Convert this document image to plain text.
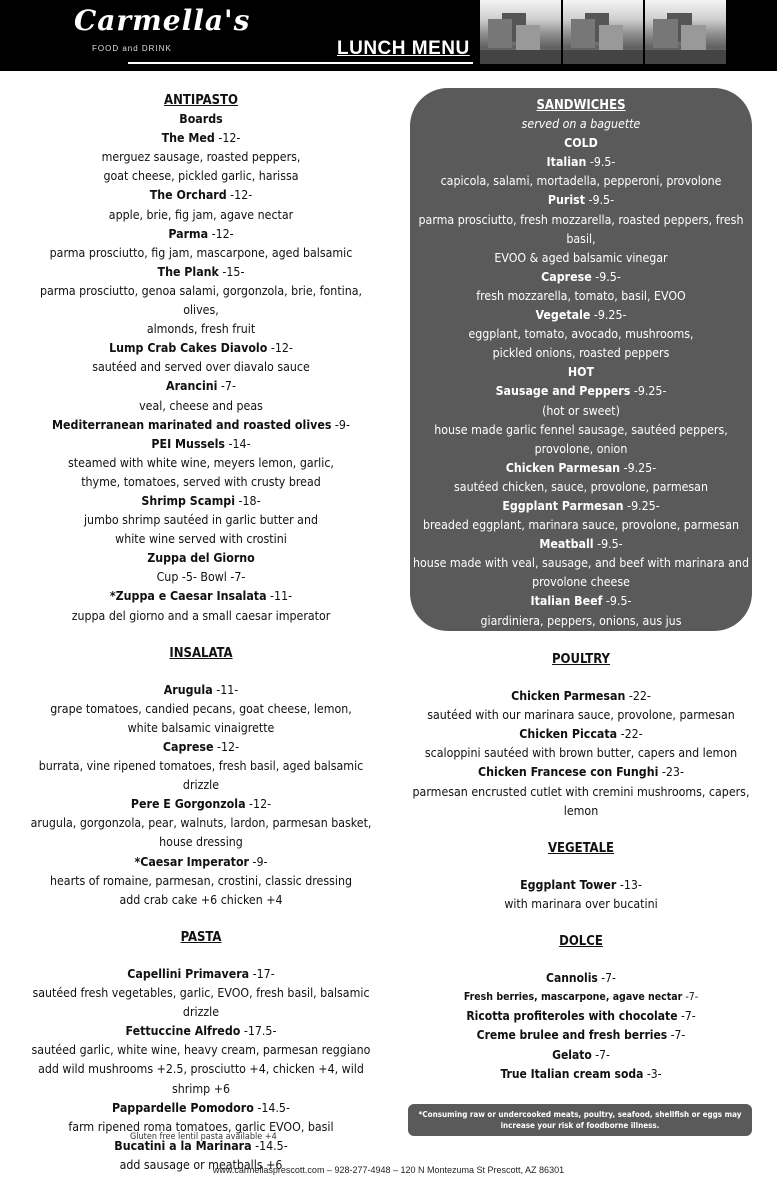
Carmella's
FOOD and DRINK	LUNCH MENU
ANTIPASTO
Boards
The Med -12-
merguez sausage, roasted peppers,
goat cheese, pickled garlic, harissa
The Orchard -12-
apple, brie, fig jam, agave nectar
Parma -12-
parma prosciutto, fig jam, mascarpone, aged balsamic
The Plank -15-
parma prosciutto, genoa salami, gorgonzola, brie, fontina, olives,
almonds, fresh fruit
Lump Crab Cakes Diavolo -12-
sautéed and served over diavalo sauce
Arancini -7-
veal, cheese and peas
Mediterranean marinated and roasted olives -9-
PEI Mussels -14-
steamed with white wine, meyers lemon, garlic,
thyme, tomatoes, served with crusty bread
Shrimp Scampi -18-
jumbo shrimp sautéed in garlic butter and
white wine served with crostini
Zuppa del Giorno
Cup -5- Bowl -7-
*Zuppa e Caesar Insalata -11-
zuppa del giorno and a small caesar imperator
INSALATA
Arugula -11-
grape tomatoes, candied pecans, goat cheese, lemon,
white balsamic vinaigrette
Caprese -12-
burrata, vine ripened tomatoes, fresh basil, aged balsamic drizzle
Pere E Gorgonzola -12-
arugula, gorgonzola, pear, walnuts, lardon, parmesan basket,
house dressing
*Caesar Imperator -9-
hearts of romaine, parmesan, crostini, classic dressing
add crab cake +6 chicken +4
PASTA
Capellini Primavera -17-
sautéed fresh vegetables, garlic, EVOO, fresh basil, balsamic drizzle
Fettuccine Alfredo -17.5-
sautéed garlic, white wine, heavy cream, parmesan reggiano
add wild mushrooms +2.5, prosciutto +4, chicken +4, wild shrimp +6
Pappardelle Pomodoro -14.5-
farm ripened roma tomatoes, garlic EVOO, basil
Bucatini a la Marinara -14.5-
add sausage or meatballs +6
Gluten free lentil pasta available +4
SANDWICHES
served on a baguette
COLD
Italian -9.5-
capicola, salami, mortadella, pepperoni, provolone
Purist -9.5-
parma prosciutto, fresh mozzarella, roasted peppers, fresh basil,
EVOO & aged balsamic vinegar
Caprese -9.5-
fresh mozzarella, tomato, basil, EVOO
Vegetale -9.25-
eggplant, tomato, avocado, mushrooms,
pickled onions, roasted peppers
HOT
Sausage and Peppers -9.25-
(hot or sweet)
house made garlic fennel sausage, sautéed peppers,
provolone, onion
Chicken Parmesan -9.25-
sautéed chicken, sauce, provolone, parmesan
Eggplant Parmesan -9.25-
breaded eggplant, marinara sauce, provolone, parmesan
Meatball -9.5-
house made with veal, sausage, and beef with marinara and
provolone cheese
Italian Beef -9.5-
giardiniera, peppers, onions, aus jus
wet or dry
POULTRY
Chicken Parmesan -22-
sautéed with our marinara sauce, provolone, parmesan
Chicken Piccata -22-
scaloppini sautéed with brown butter, capers and lemon
Chicken Francese con Funghi -23-
parmesan encrusted cutlet with cremini mushrooms, capers, lemon
VEGETALE
Eggplant Tower -13-
with marinara over bucatini
DOLCE
Cannolis -7-
Fresh berries, mascarpone, agave nectar -7-
Ricotta profiteroles with chocolate -7-
Creme brulee and fresh berries -7-
Gelato -7-
True Italian cream soda -3-
*Consuming raw or undercooked meats, poultry, seafood, shellfish or eggs may increase your risk of foodborne illness.
www.carmellasprescott.com – 928-277-4948 – 120 N Montezuma St Prescott, AZ 86301
